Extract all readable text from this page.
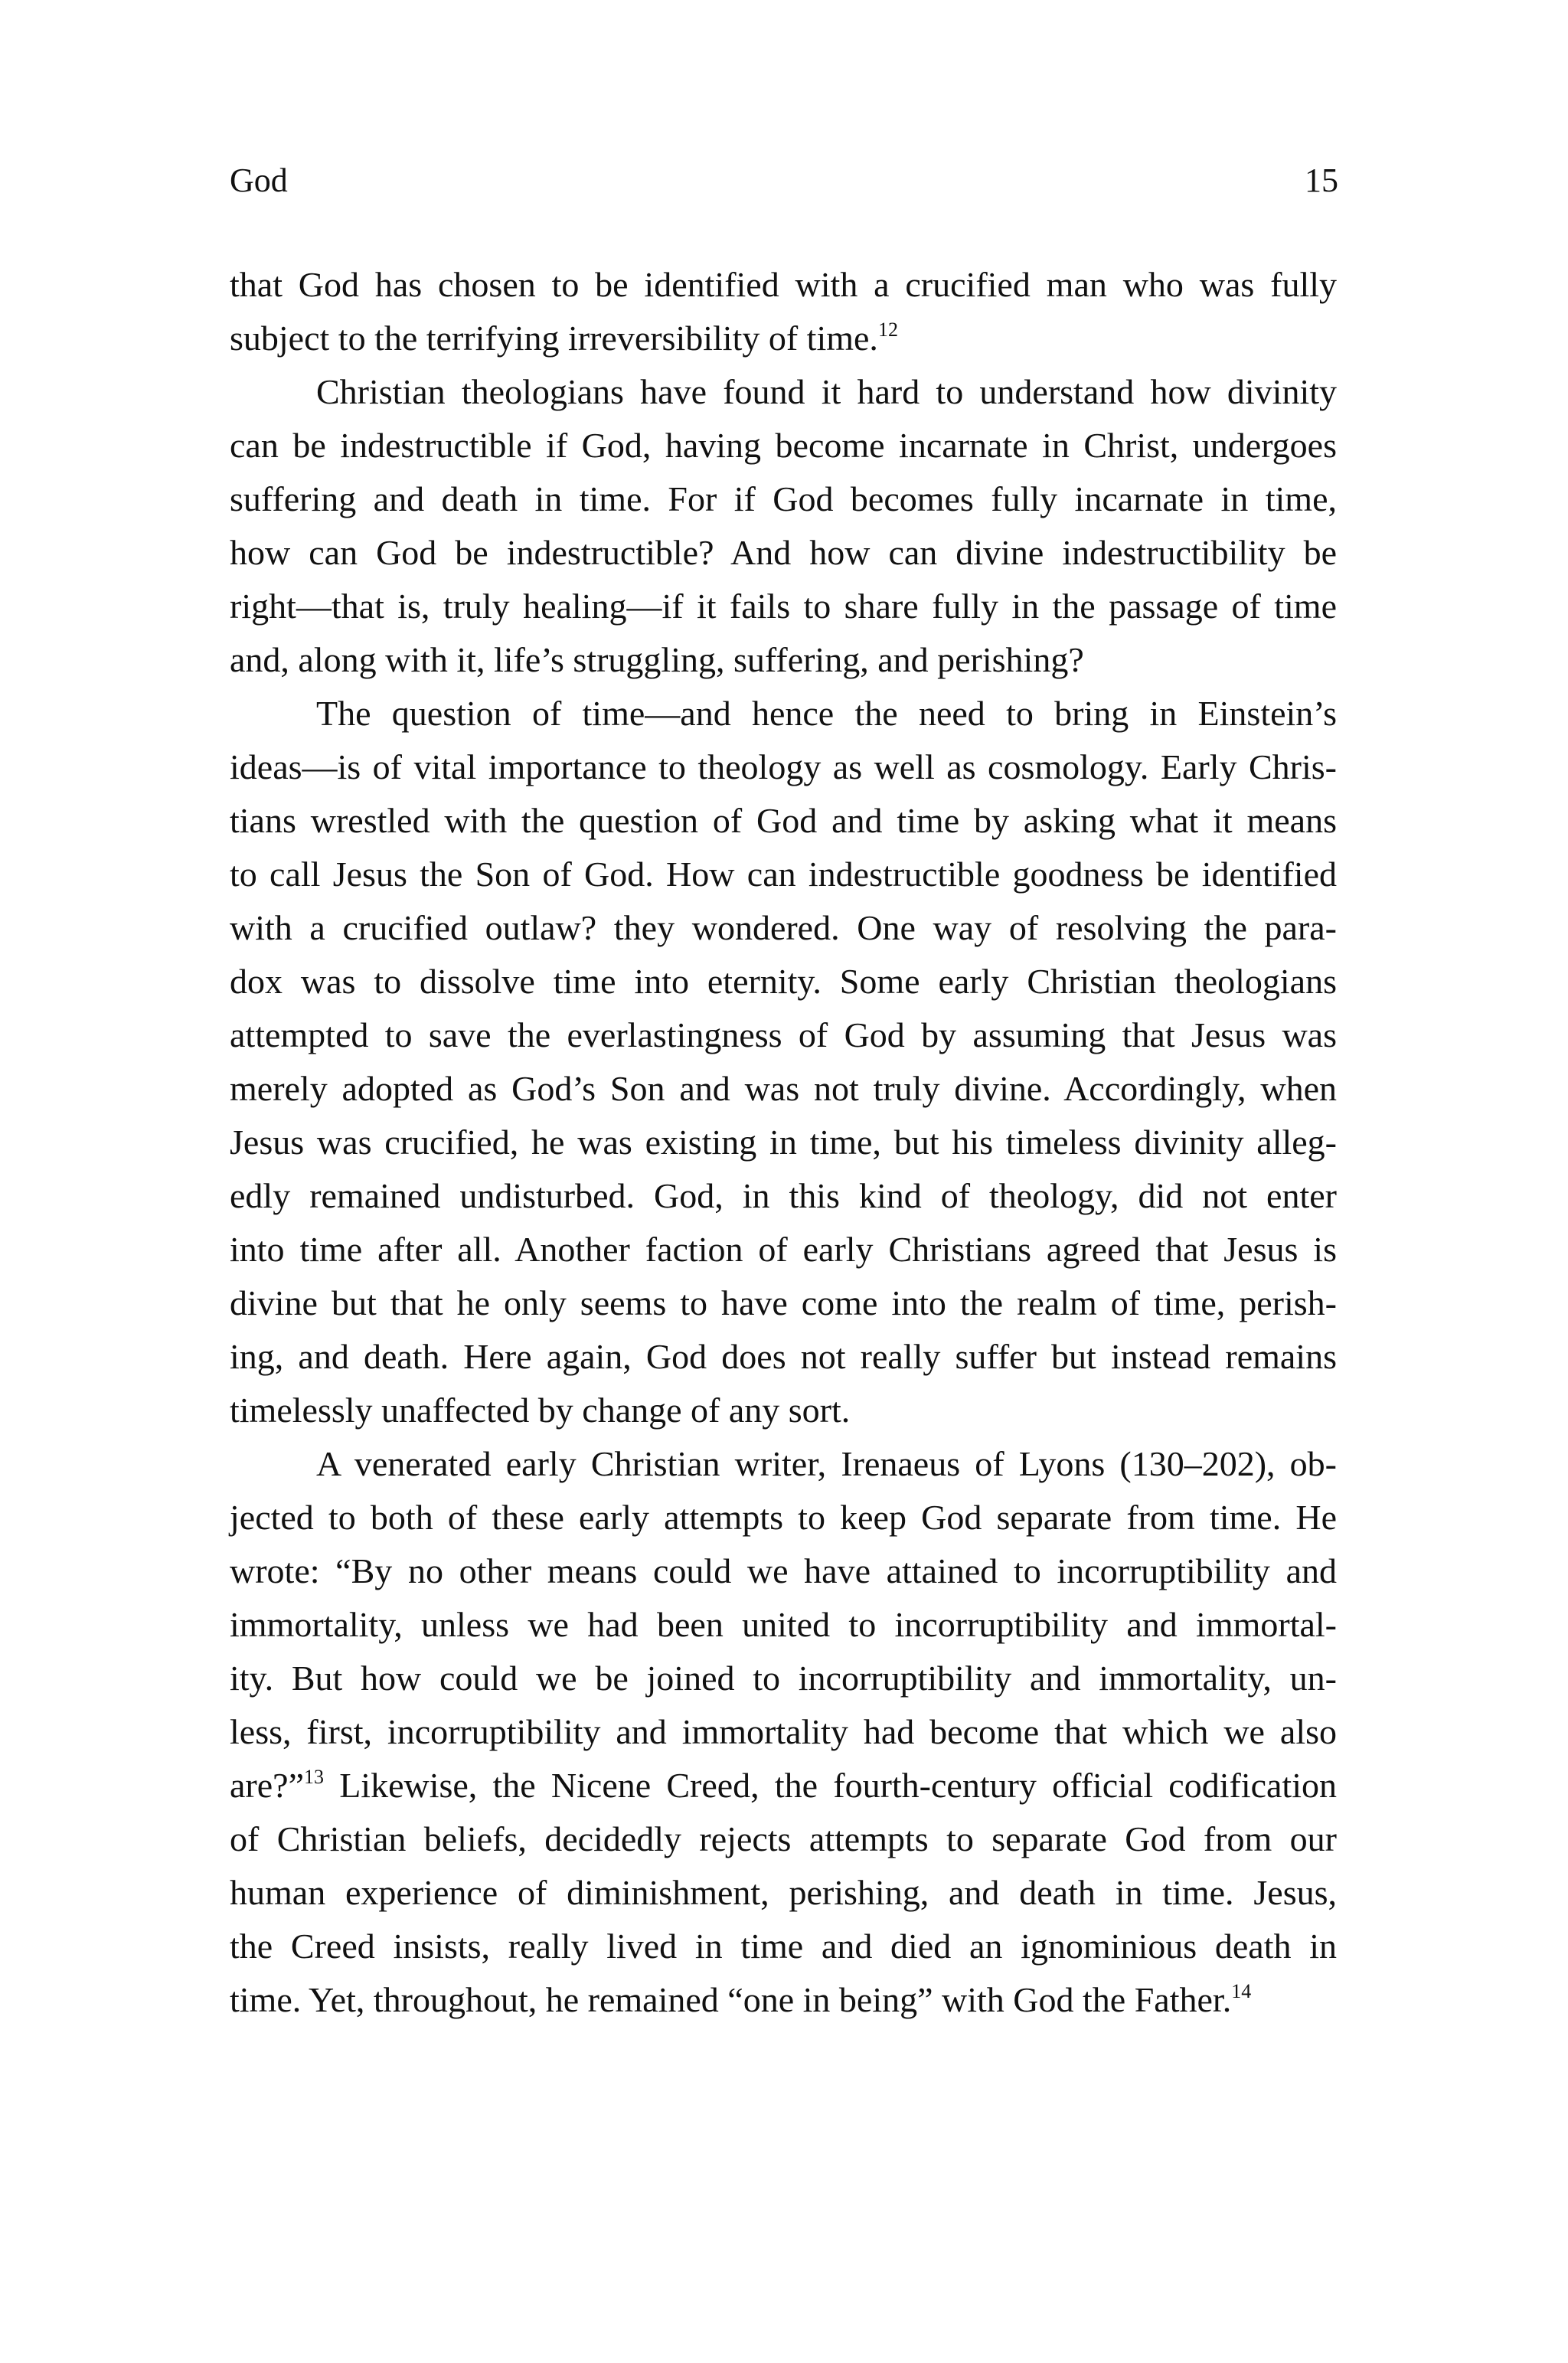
God	15

that God has chosen to be identified with a crucified man who was fully
subject to the terrifying irreversibility of time.$^{12}$

Christian theologians have found it hard to understand how divinity
can be indestructible if God, having become incarnate in Christ, undergoes
suffering and death in time. For if God becomes fully incarnate in time,
how can God be indestructible? And how can divine indestructibility be
right—that is, truly healing—if it fails to share fully in the passage of time
and, along with it, life’s struggling, suffering, and perishing?

The question of time—and hence the need to bring in Einstein’s
ideas—is of vital importance to theology as well as cosmology. Early Chris-
tians wrestled with the question of God and time by asking what it means
to call Jesus the Son of God. How can indestructible goodness be identified
with a crucified outlaw? they wondered. One way of resolving the para-
dox was to dissolve time into eternity. Some early Christian theologians
attempted to save the everlastingness of God by assuming that Jesus was
merely adopted as God’s Son and was not truly divine. Accordingly, when
Jesus was crucified, he was existing in time, but his timeless divinity alleg-
edly remained undisturbed. God, in this kind of theology, did not enter
into time after all. Another faction of early Christians agreed that Jesus is
divine but that he only seems to have come into the realm of time, perish-
ing, and death. Here again, God does not really suffer but instead remains
timelessly unaffected by change of any sort.

A venerated early Christian writer, Irenaeus of Lyons (130–202), ob-
jected to both of these early attempts to keep God separate from time. He
wrote: “By no other means could we have attained to incorruptibility and
immortality, unless we had been united to incorruptibility and immortal-
ity. But how could we be joined to incorruptibility and immortality, un-
less, first, incorruptibility and immortality had become that which we also
are?”$^{13}$ Likewise, the Nicene Creed, the fourth-century official codification
of Christian beliefs, decidedly rejects attempts to separate God from our
human experience of diminishment, perishing, and death in time. Jesus,
the Creed insists, really lived in time and died an ignominious death in
time. Yet, throughout, he remained “one in being” with God the Father.$^{14}$
